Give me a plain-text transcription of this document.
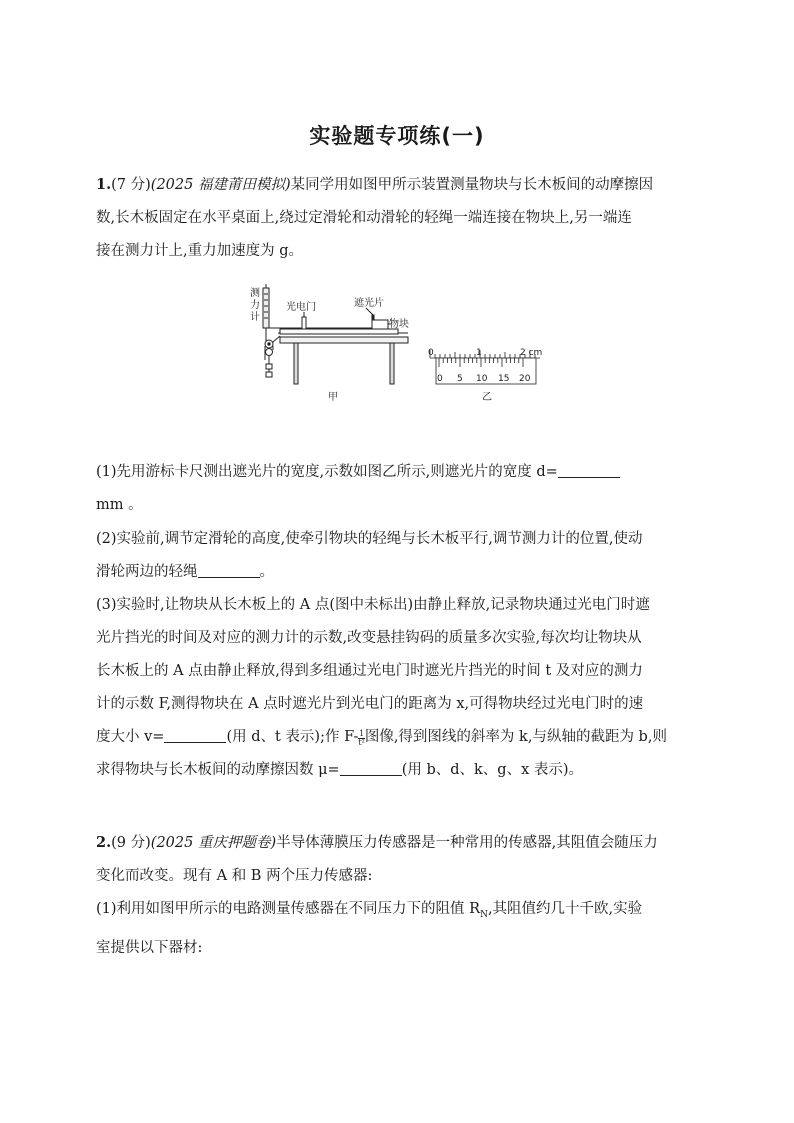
实验题专项练(一)
1.(7 分)(2025 福建莆田模拟)某同学用如图甲所示装置测量物块与长木板间的动摩擦因
数,长木板固定在水平桌面上,绕过定滑轮和动滑轮的轻绳一端连接在物块上,另一端连
接在测力计上,重力加速度为 g。
测
力
计
光电门	遮光片
物块
甲
0	1	2 cm
0 5 10 15 20
乙
(1)先用游标卡尺测出遮光片的宽度,示数如图乙所示,则遮光片的宽度 d=
mm 。
(2)实验前,调节定滑轮的高度,使牵引物块的轻绳与长木板平行,调节测力计的位置,使动
滑轮两边的轻绳	。
(3)实验时,让物块从长木板上的 A 点(图中未标出)由静止释放,记录物块通过光电门时遮
光片挡光的时间及对应的测力计的示数,改变悬挂钩码的质量多次实验,每次均让物块从
长木板上的 A 点由静止释放,得到多组通过光电门时遮光片挡光的时间 t 及对应的测力
计的示数 F,测得物块在 A 点时遮光片到光电门的距离为 x,可得物块经过光电门时的速
度大小 v=	(用 d、t 表示);作 $F- \frac{1}{\text{t²}}$ 图像,得到图线的斜率为 k,与纵轴的截距为 b,则
求得物块与长木板间的动摩擦因数 μ=	(用 b、d、k、g、x 表示)。
2.(9 分)(2025 重庆押题卷)半导体薄膜压力传感器是一种常用的传感器,其阻值会随压力
变化而改变。现有 A 和 B 两个压力传感器:
(1)利用如图甲所示的电路测量传感器在不同压力下的阻值 $R_N$,其阻值约几十千欧,实验
室提供以下器材:
